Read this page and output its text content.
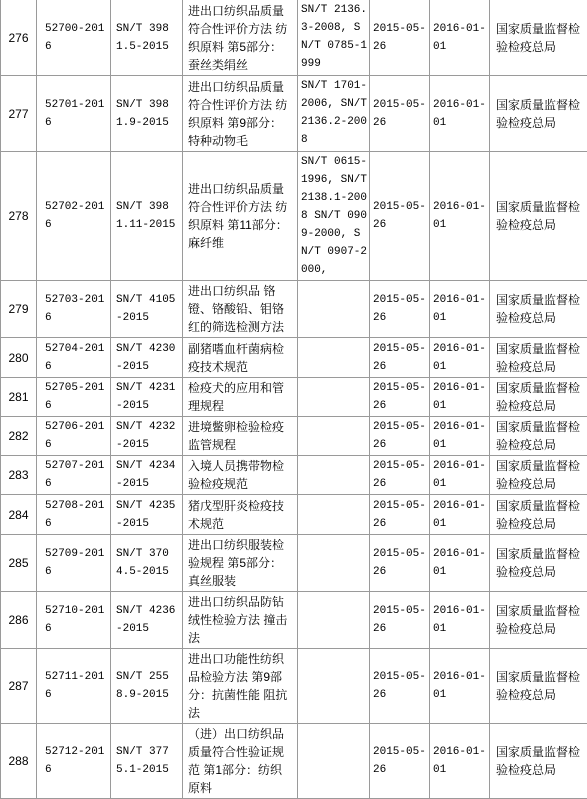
276	52700-2016	SN/T 3981.5-2015	进出口纺织品质量符合性评价方法 纺织原料 第5部分：蚕丝类绢丝	SN/T 2136.3-2008, SN/T 0785-1999	2015-05-26	2016-01-01	国家质量监督检验检疫总局
277	52701-2016	SN/T 3981.9-2015	进出口纺织品质量符合性评价方法 纺织原料 第9部分：特种动物毛	SN/T 1701-2006, SN/T 2136.2-2008	2015-05-26	2016-01-01	国家质量监督检验检疫总局
278	52702-2016	SN/T 3981.11-2015	进出口纺织品质量符合性评价方法 纺织原料 第11部分：麻纤维	SN/T 0615-1996, SN/T 2138.1-2008 SN/T 0909-2000, SN/T 0907-2000,	2015-05-26	2016-01-01	国家质量监督检验检疫总局
279	52703-2016	SN/T 4105-2015	进出口纺织品 铬镫、铬酸铅、钼铬红的筛选检测方法		2015-05-26	2016-01-01	国家质量监督检验检疫总局
280	52704-2016	SN/T 4230-2015	副猪嗜血杆菌病检疫技术规范		2015-05-26	2016-01-01	国家质量监督检验检疫总局
281	52705-2016	SN/T 4231-2015	检疫犬的应用和管理规程		2015-05-26	2016-01-01	国家质量监督检验检疫总局
282	52706-2016	SN/T 4232-2015	进境鳖卵检验检疫监管规程		2015-05-26	2016-01-01	国家质量监督检验检疫总局
283	52707-2016	SN/T 4234-2015	入境人员携带物检验检疫规范		2015-05-26	2016-01-01	国家质量监督检验检疫总局
284	52708-2016	SN/T 4235-2015	猪戊型肝炎检疫技术规范		2015-05-26	2016-01-01	国家质量监督检验检疫总局
285	52709-2016	SN/T 3704.5-2015	进出口纺织服装检验规程 第5部分：真丝服装		2015-05-26	2016-01-01	国家质量监督检验检疫总局
286	52710-2016	SN/T 4236-2015	进出口纺织品防钻绒性检验方法 撞击法		2015-05-26	2016-01-01	国家质量监督检验检疫总局
287	52711-2016	SN/T 2558.9-2015	进出口功能性纺织品检验方法 第9部分：抗菌性能 阻抗法		2015-05-26	2016-01-01	国家质量监督检验检疫总局
288	52712-2016	SN/T 3775.1-2015	（进）出口纺织品质量符合性验证规范 第1部分：纺织原料		2015-05-26	2016-01-01	国家质量监督检验检疫总局
